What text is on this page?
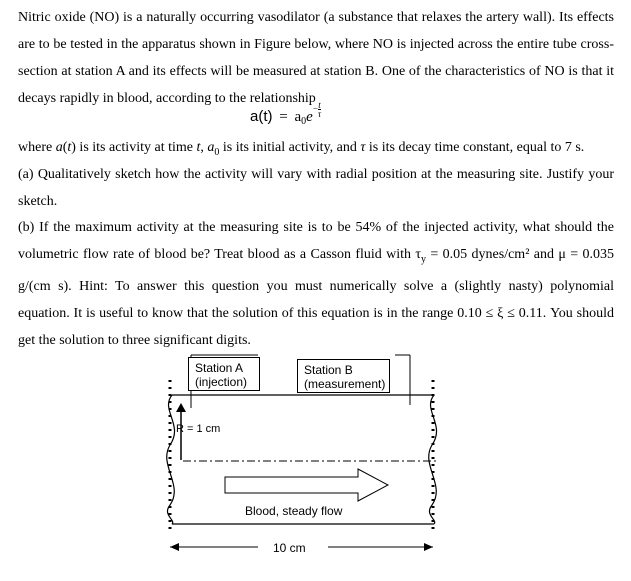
Nitric oxide (NO) is a naturally occurring vasodilator (a substance that relaxes the artery wall). Its effects are to be tested in the apparatus shown in Figure below, where NO is injected across the entire tube cross-section at station A and its effects will be measured at station B. One of the characteristics of NO is that it decays rapidly in blood, according to the relationship

$a(t) = a_0e- \frac{t}{\tau}$

where a(t) is its activity at time t, $a_0$ is its initial activity, and τ is its decay time constant, equal to 7 s.

(a) Qualitatively sketch how the activity will vary with radial position at the measuring site. Justify your sketch.

(b) If the maximum activity at the measuring site is to be 54% of the injected activity, what should the volumetric flow rate of blood be? Treat blood as a Casson fluid with $\tau_y = 0.05$ dynes/cm² and μ = 0.035 g/(cm s). Hint: To answer this question you must numerically solve a (slightly nasty) polynomial equation. It is useful to know that the solution of this equation is in the range 0.10 ≤ ξ ≤ 0.11. You should get the solution to three significant digits.

Station A
(injection)
Station B
(measurement)
R = 1 cm
Blood, steady flow
10 cm
